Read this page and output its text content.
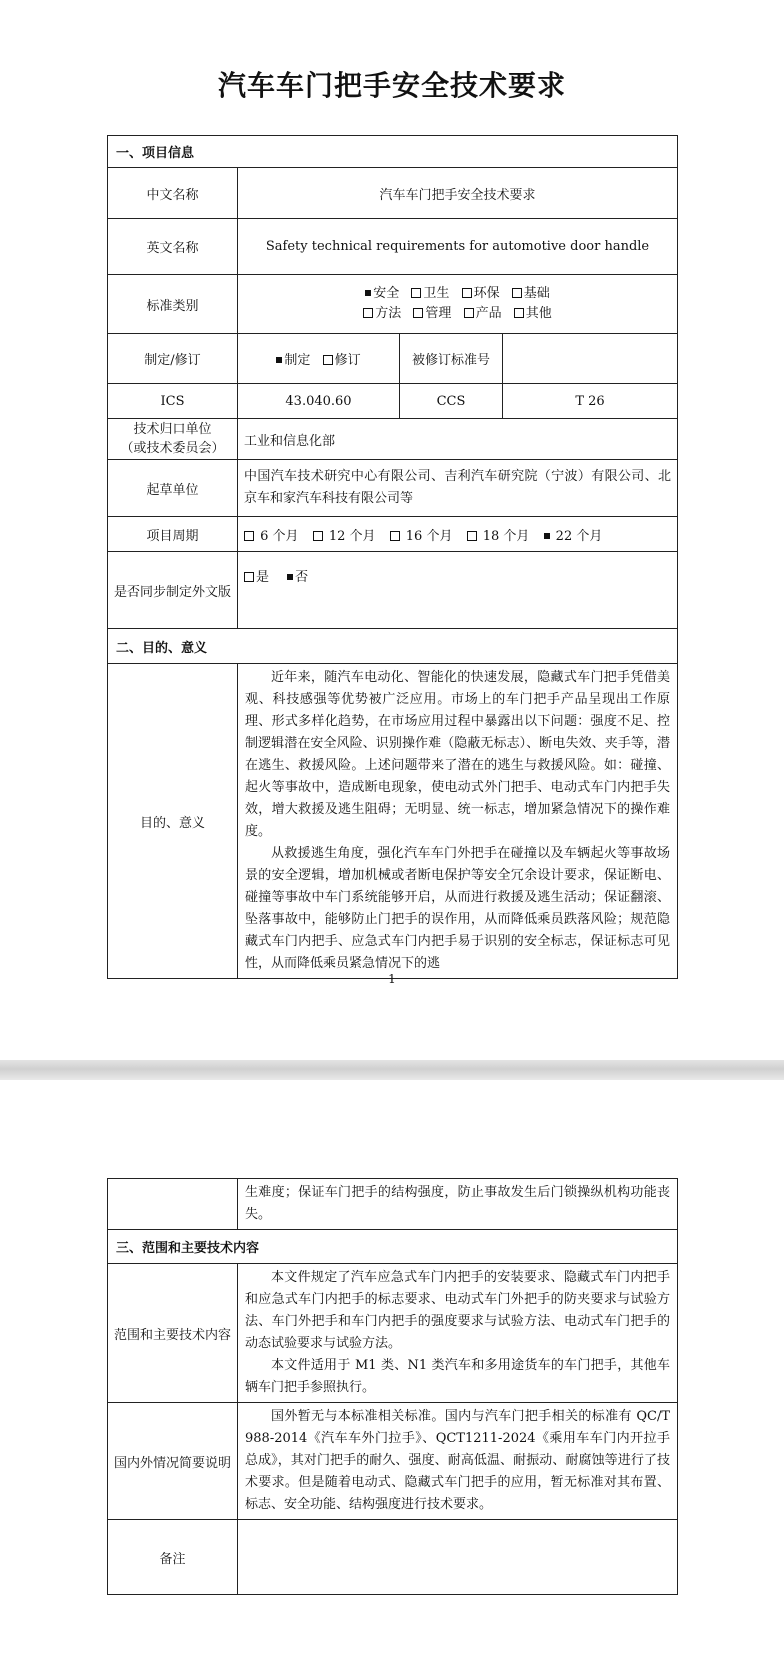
汽车车门把手安全技术要求
一、项目信息			
中文名称	汽车车门把手安全技术要求		
英文名称	Safety technical requirements for automotive door handle		
标准类别	安全 卫生 环保 基础
方法 管理 产品 其他		
制定/修订	制定 修订	被修订标准号	
ICS	43.040.60	CCS	T 26
技术归口单位
（或技术委员会）	工业和信息化部		
起草单位	中国汽车技术研究中心有限公司、吉利汽车研究院（宁波）有限公司、北京车和家汽车科技有限公司等		
项目周期	6 个月  12 个月  16 个月  18 个月  22 个月		
是否同步制定外文版	是 否		
二、目的、意义			
目的、意义	近年来，随汽车电动化、智能化的快速发展，隐藏式车门把手凭借美观、科技感强等优势被广泛应用。市场上的车门把手产品呈现出工作原理、形式多样化趋势，在市场应用过程中暴露出以下问题：强度不足、控制逻辑潜在安全风险、识别操作难（隐蔽无标志）、断电失效、夹手等，潜在逃生、救援风险。上述问题带来了潜在的逃生与救援风险。如：碰撞、起火等事故中，造成断电现象，使电动式外门把手、电动式车门内把手失效，增大救援及逃生阻碍；无明显、统一标志，增加紧急情况下的操作难度。

从救援逃生角度，强化汽车车门外把手在碰撞以及车辆起火等事故场景的安全逻辑，增加机械或者断电保护等安全冗余设计要求，保证断电、碰撞等事故中车门系统能够开启，从而进行救援及逃生活动；保证翻滚、坠落事故中，能够防止门把手的误作用，从而降低乘员跌落风险；规范隐藏式车门内把手、应急式车门内把手易于识别的安全标志，保证标志可见性，从而降低乘员紧急情况下的逃		

1
	生难度；保证车门把手的结构强度，防止事故发生后门锁操纵机构功能丧失。
三、范围和主要技术内容	
范围和主要技术内容	本文件规定了汽车应急式车门内把手的安装要求、隐藏式车门内把手和应急式车门内把手的标志要求、电动式车门外把手的防夹要求与试验方法、车门外把手和车门内把手的强度要求与试验方法、电动式车门把手的动态试验要求与试验方法。

本文件适用于 M1 类、N1 类汽车和多用途货车的车门把手，其他车辆车门把手参照执行。

国内外情况简要说明	国外暂无与本标准相关标准。国内与汽车门把手相关的标准有 QC/T 988-2014《汽车车外门拉手》、QCT1211-2024《乘用车车门内开拉手总成》，其对门把手的耐久、强度、耐高低温、耐振动、耐腐蚀等进行了技术要求。但是随着电动式、隐藏式车门把手的应用，暂无标准对其布置、标志、安全功能、结构强度进行技术要求。

备注	
